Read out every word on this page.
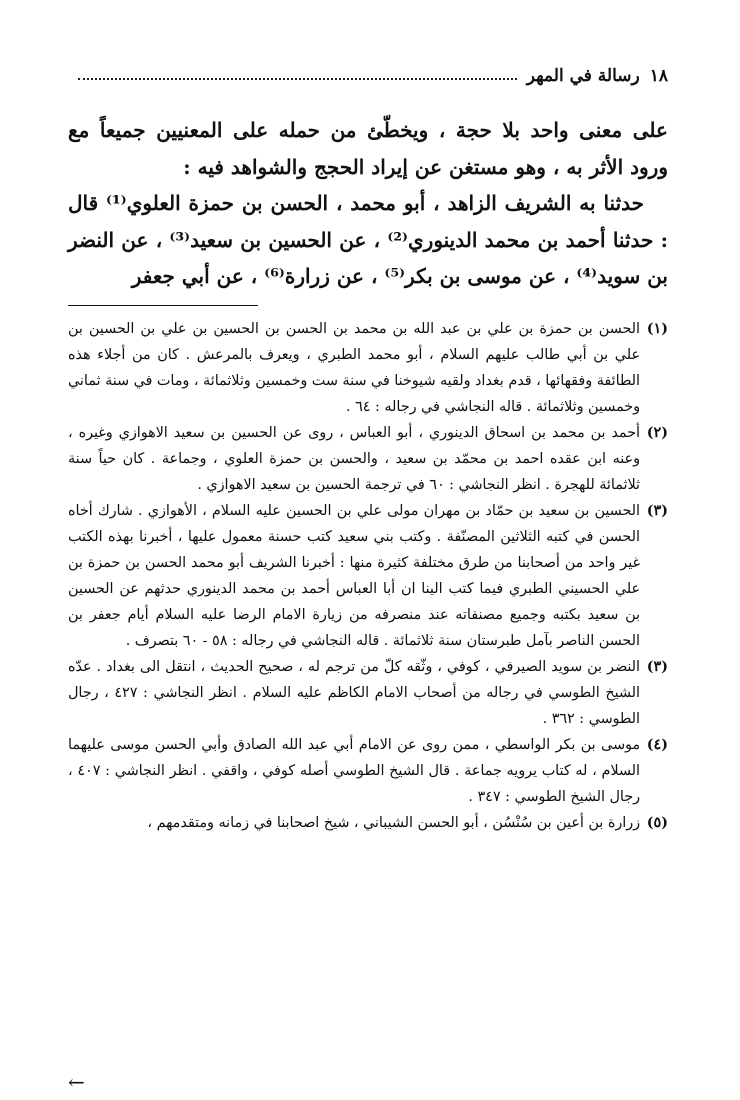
١٨
رسالة في المهر

على معنى واحد بلا حجة ، ويخطّئ من حمله على المعنيين جميعاً مع ورود الأثر به ، وهو مستغن عن إيراد الحجج والشواهد فيه :

حدثنا به الشريف الزاهد ، أبو محمد ، الحسن بن حمزة العلوي⁽¹⁾ قال : حدثنا أحمد بن محمد الدينوري⁽²⁾ ، عن الحسين بن سعيد⁽³⁾ ، عن النضر بن سويد⁽⁴⁾ ، عن موسى بن بكر⁽⁵⁾ ، عن زرارة⁽⁶⁾ ، عن أبي جعفر

(١)
الحسن بن حمزة بن علي بن عبد الله بن محمد بن الحسن بن الحسين بن علي بن الحسين بن علي بن أبي طالب عليهم السلام ، أبو محمد الطبري ، ويعرف بالمرعش . كان من أجلاء هذه الطائفة وفقهائها ، قدم بغداد ولقيه شيوخنا في سنة ست وخمسين وثلاثمائة ، ومات في سنة ثماني وخمسين وثلاثمائة . قاله النجاشي في رجاله : ٦٤ .
(٢)
أحمد بن محمد بن اسحاق الدينوري ، أبو العباس ، روى عن الحسين بن سعيد الاهوازي وغيره ، وعنه ابن عقده احمد بن محمّد بن سعيد ، والحسن بن حمزة العلوي ، وجماعة . كان حياً سنة ثلاثمائة للهجرة . انظر النجاشي : ٦٠ في ترجمة الحسين بن سعيد الاهوازي .
(٣)
الحسين بن سعيد بن حمّاد بن مهران مولى علي بن الحسين عليه السلام ، الأهوازي . شارك أخاه الحسن في كتبه الثلاثين المصنّفة . وكتب بني سعيد كتب حسنة معمول عليها ، أخبرنا بهذه الكتب غير واحد من أصحابنا من طرق مختلفة كثيرة منها : أخبرنا الشريف أبو محمد الحسن بن حمزة بن علي الحسيني الطبري فيما كتب الينا ان أبا العباس أحمد بن محمد الدينوري حدثهم عن الحسين بن سعيد بكتبه وجميع مصنفاته عند منصرفه من زيارة الامام الرضا عليه السلام أيام جعفر بن الحسن الناصر بآمل طبرستان سنة ثلاثمائة . قاله النجاشي في رجاله : ٥٨ - ٦٠ بتصرف .
(٣)
النضر بن سويد الصيرفي ، كوفي ، وثّقه كلّ من ترجم له ، صحيح الحديث ، انتقل الى بغداد . عدّه الشيخ الطوسي في رجاله من أصحاب الامام الكاظم عليه السلام . انظر النجاشي : ٤٢٧ ، رجال الطوسي : ٣٦٢ .
(٤)
موسى بن بكر الواسطي ، ممن روى عن الامام أبي عبد الله الصادق وأبي الحسن موسى عليهما السلام ، له كتاب يرويه جماعة . قال الشيخ الطوسي أصله كوفي ، واقفي . انظر النجاشي : ٤٠٧ ، رجال الشيخ الطوسي : ٣٤٧ .
(٥)
زرارة بن أعين بن سُنْسُن ، أبو الحسن الشيباني ، شيخ اصحابنا في زمانه ومتقدمهم ،
←
